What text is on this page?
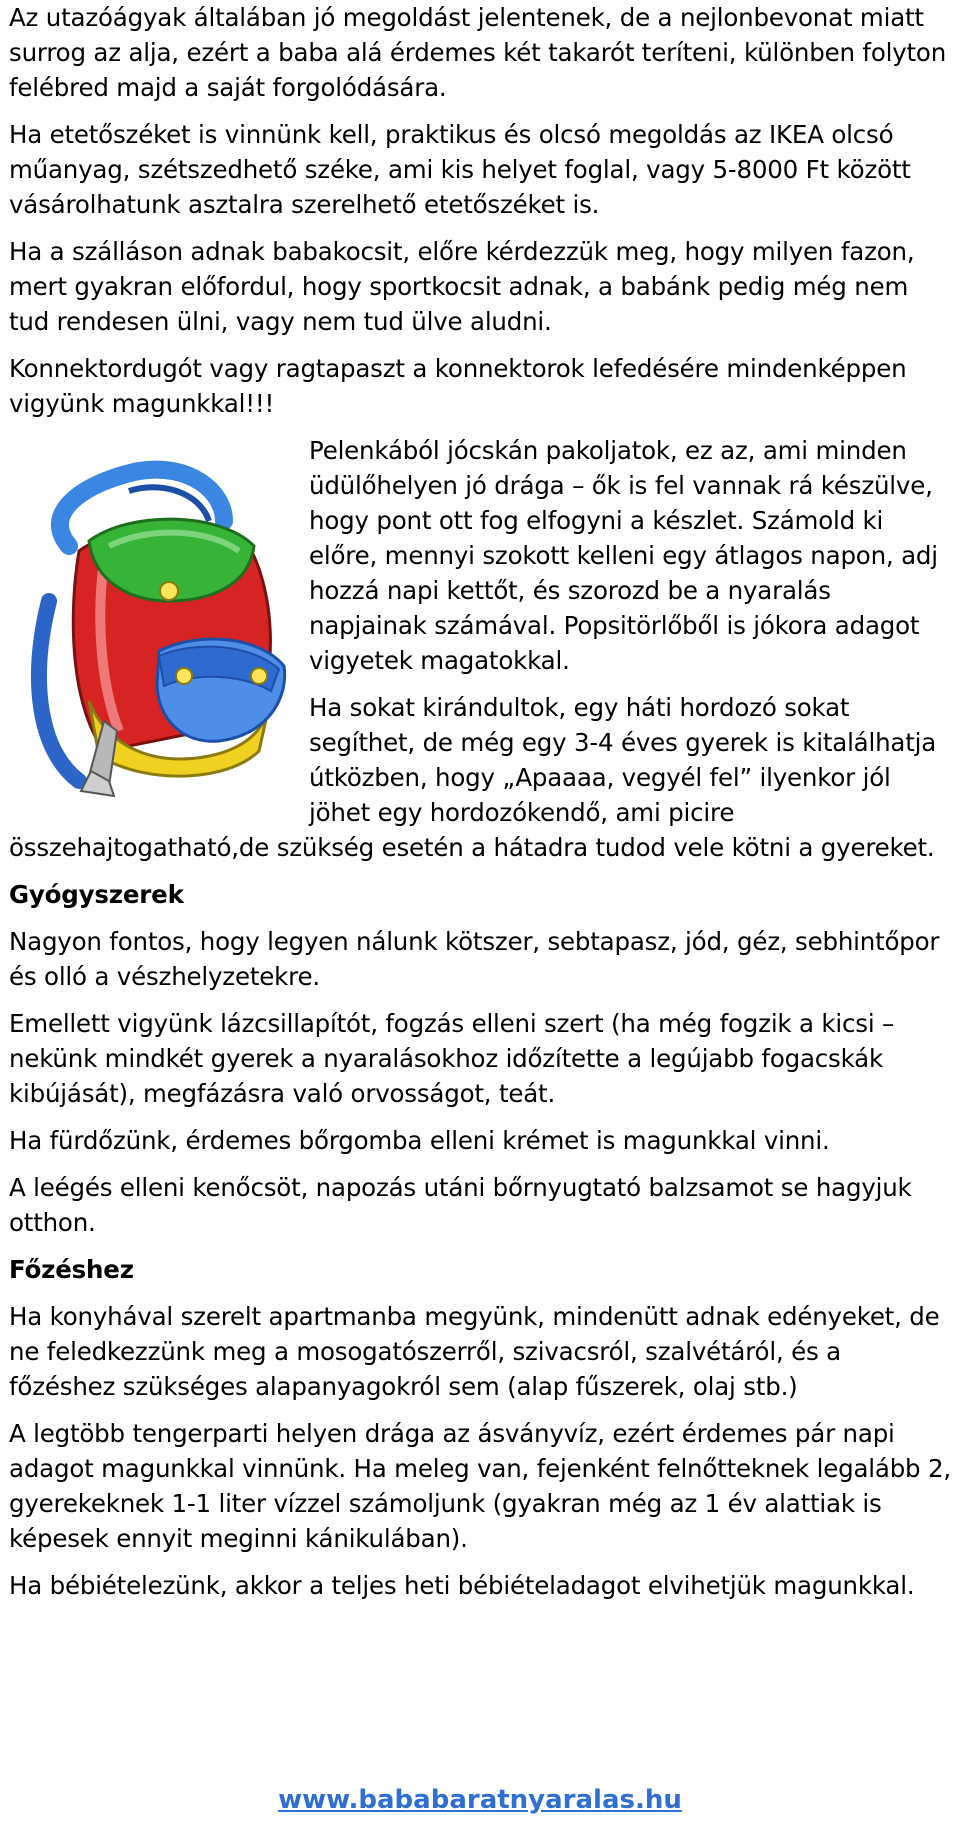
Az utazóágyak általában jó megoldást jelentenek, de a nejlonbevonat miatt surrog az alja, ezért a baba alá érdemes két takarót teríteni, különben folyton felébred majd a saját forgolódására.

Ha etetőszéket is vinnünk kell, praktikus és olcsó megoldás az IKEA olcsó műanyag, szétszedhető széke, ami kis helyet foglal, vagy 5-8000 Ft között vásárolhatunk asztalra szerelhető etetőszéket is.

Ha a szálláson adnak babakocsit, előre kérdezzük meg, hogy milyen fazon, mert gyakran előfordul, hogy sportkocsit adnak, a babánk pedig még nem tud rendesen ülni, vagy nem tud ülve aludni.

Konnektordugót vagy ragtapaszt a konnektorok lefedésére mindenképpen vigyünk magunkkal!!!

Pelenkából jócskán pakoljatok, ez az, ami minden üdülőhelyen jó drága – ők is fel vannak rá készülve, hogy pont ott fog elfogyni a készlet. Számold ki előre, mennyi szokott kelleni egy átlagos napon, adj hozzá napi kettőt, és szorozd be a nyaralás napjainak számával. Popsitörlőből is jókora adagot vigyetek magatokkal.

Ha sokat kirándultok, egy háti hordozó sokat segíthet, de még egy 3-4 éves gyerek is kitalálhatja útközben, hogy „Apaaaa, vegyél fel” ilyenkor jól jöhet egy hordozókendő, ami picire összehajtogatható,de szükség esetén a hátadra tudod vele kötni a gyereket.

Gyógyszerek

Nagyon fontos, hogy legyen nálunk kötszer, sebtapasz, jód, géz, sebhintőpor és olló a vészhelyzetekre.

Emellett vigyünk lázcsillapítót, fogzás elleni szert (ha még fogzik a kicsi – nekünk mindkét gyerek a nyaralásokhoz időzítette a legújabb fogacskák kibújását), megfázásra való orvosságot, teát.

Ha fürdőzünk, érdemes bőrgomba elleni krémet is magunkkal vinni.

A leégés elleni kenőcsöt, napozás utáni bőrnyugtató balzsamot se hagyjuk otthon.

Főzéshez

Ha konyhával szerelt apartmanba megyünk, mindenütt adnak edényeket, de ne feledkezzünk meg a mosogatószerről, szivacsról, szalvétáról, és a főzéshez szükséges alapanyagokról sem (alap fűszerek, olaj stb.)

A legtöbb tengerparti helyen drága az ásványvíz, ezért érdemes pár napi adagot magunkkal vinnünk. Ha meleg van, fejenként felnőtteknek legalább 2, gyerekeknek 1-1 liter vízzel számoljunk (gyakran még az 1 év alattiak is képesek ennyit meginni kánikulában).

Ha bébiételezünk, akkor a teljes heti bébiételadagot elvihetjük magunkkal.

www.bababaratnyaralas.hu
